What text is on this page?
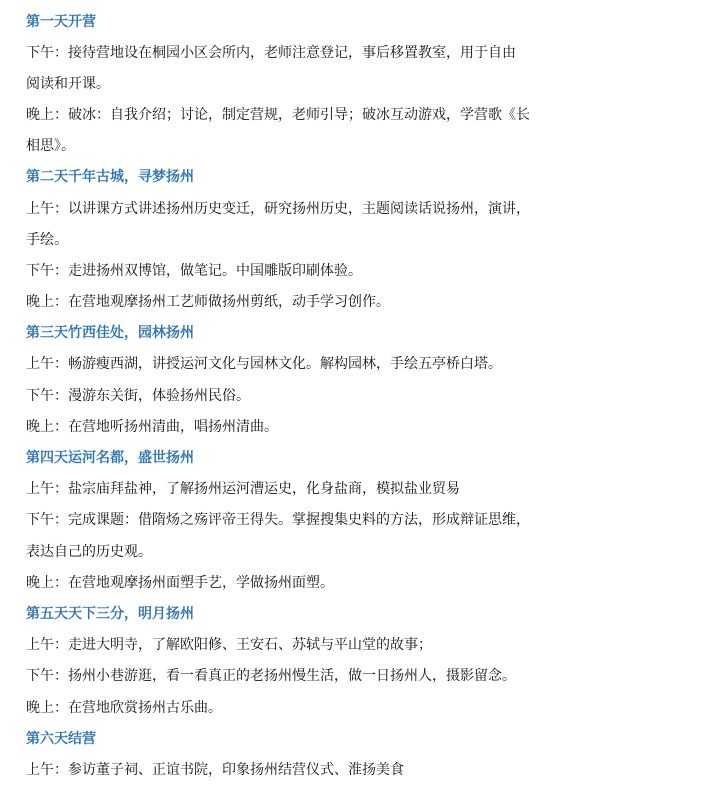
第一天开营
下午：接待营地设在桐园小区会所内，老师注意登记，事后移置教室，用于自由
阅读和开课。
晚上：破冰：自我介绍；讨论，制定营规，老师引导；破冰互动游戏，学营歌《长
相思》。
第二天千年古城，寻梦扬州
上午：以讲课方式讲述扬州历史变迁，研究扬州历史，主题阅读话说扬州，演讲，
手绘。
下午：走进扬州双博馆，做笔记。中国雕版印刷体验。
晚上：在营地观摩扬州工艺师做扬州剪纸，动手学习创作。
第三天竹西佳处，园林扬州
上午：畅游瘦西湖，讲授运河文化与园林文化。解构园林，手绘五亭桥白塔。
下午：漫游东关街，体验扬州民俗。
晚上：在营地听扬州清曲，唱扬州清曲。
第四天运河名都，盛世扬州
上午：盐宗庙拜盐神，了解扬州运河漕运史，化身盐商，模拟盐业贸易
下午：完成课题：借隋炀之殇评帝王得失。掌握搜集史料的方法，形成辩证思维，
表达自己的历史观。
晚上：在营地观摩扬州面塑手艺，学做扬州面塑。
第五天天下三分，明月扬州
上午：走进大明寺，了解欧阳修、王安石、苏轼与平山堂的故事；
下午：扬州小巷游逛，看一看真正的老扬州慢生活，做一日扬州人，摄影留念。
晚上：在营地欣赏扬州古乐曲。
第六天结营
上午：参访董子祠、正谊书院，印象扬州结营仪式、淮扬美食
